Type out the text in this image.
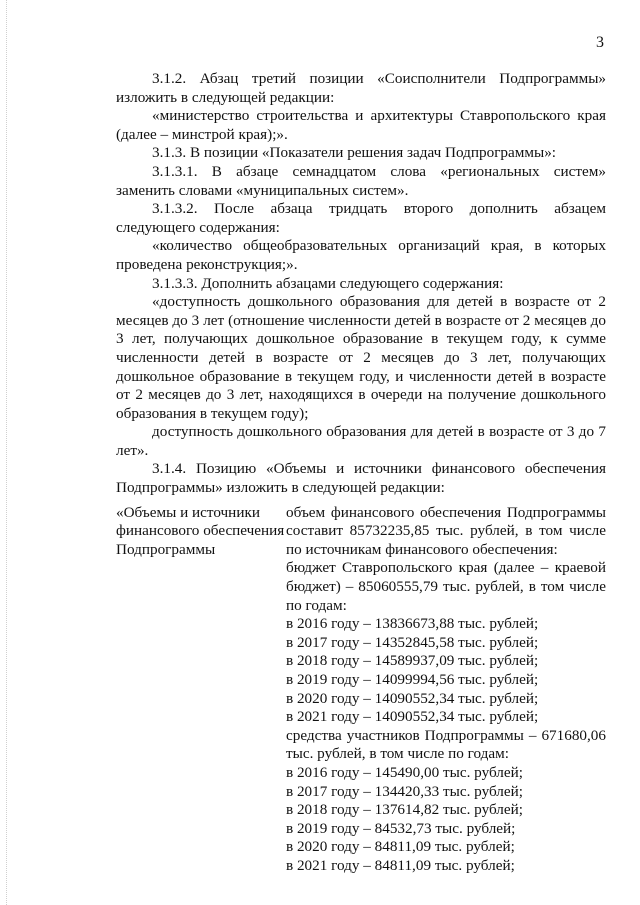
3

3.1.2. Абзац третий позиции «Соисполнители Подпрограммы» изложить в следующей редакции:

«министерство строительства и архитектуры Ставропольского края (далее – минстрой края);».

3.1.3. В позиции «Показатели решения задач Подпрограммы»:

3.1.3.1. В абзаце семнадцатом слова «региональных систем» заменить словами «муниципальных систем».

3.1.3.2. После абзаца тридцать второго дополнить абзацем следующего содержания:

«количество общеобразовательных организаций края, в которых проведена реконструкция;».

3.1.3.3. Дополнить абзацами следующего содержания:

«доступность дошкольного образования для детей в возрасте от 2 месяцев до 3 лет (отношение численности детей в возрасте от 2 месяцев до 3 лет, получающих дошкольное образование в текущем году, к сумме численности детей в возрасте от 2 месяцев до 3 лет, получающих дошкольное образование в текущем году, и численности детей в возрасте от 2 месяцев до 3 лет, находящихся в очереди на получение дошкольного образования в текущем году);

доступность дошкольного образования для детей в возрасте от 3 до 7 лет».

3.1.4. Позицию «Объемы и источники финансового обеспечения Подпрограммы» изложить в следующей редакции:

«Объемы и источники

финансового обеспечения

Подпрограммы

объем финансового обеспечения Подпрограммы составит 85732235,85 тыс. рублей, в том числе по источникам финансового обеспечения:

бюджет Ставропольского края (далее – краевой бюджет) – 85060555,79 тыс. рублей, в том числе по годам:

в 2016 году – 13836673,88 тыс. рублей;

в 2017 году – 14352845,58 тыс. рублей;

в 2018 году – 14589937,09 тыс. рублей;

в 2019 году – 14099994,56 тыс. рублей;

в 2020 году – 14090552,34 тыс. рублей;

в 2021 году – 14090552,34 тыс. рублей;

средства участников Подпрограммы – 671680,06 тыс. рублей, в том числе по годам:

в 2016 году – 145490,00 тыс. рублей;

в 2017 году – 134420,33 тыс. рублей;

в 2018 году – 137614,82 тыс. рублей;

в 2019 году – 84532,73 тыс. рублей;

в 2020 году – 84811,09 тыс. рублей;

в 2021 году – 84811,09 тыс. рублей;
